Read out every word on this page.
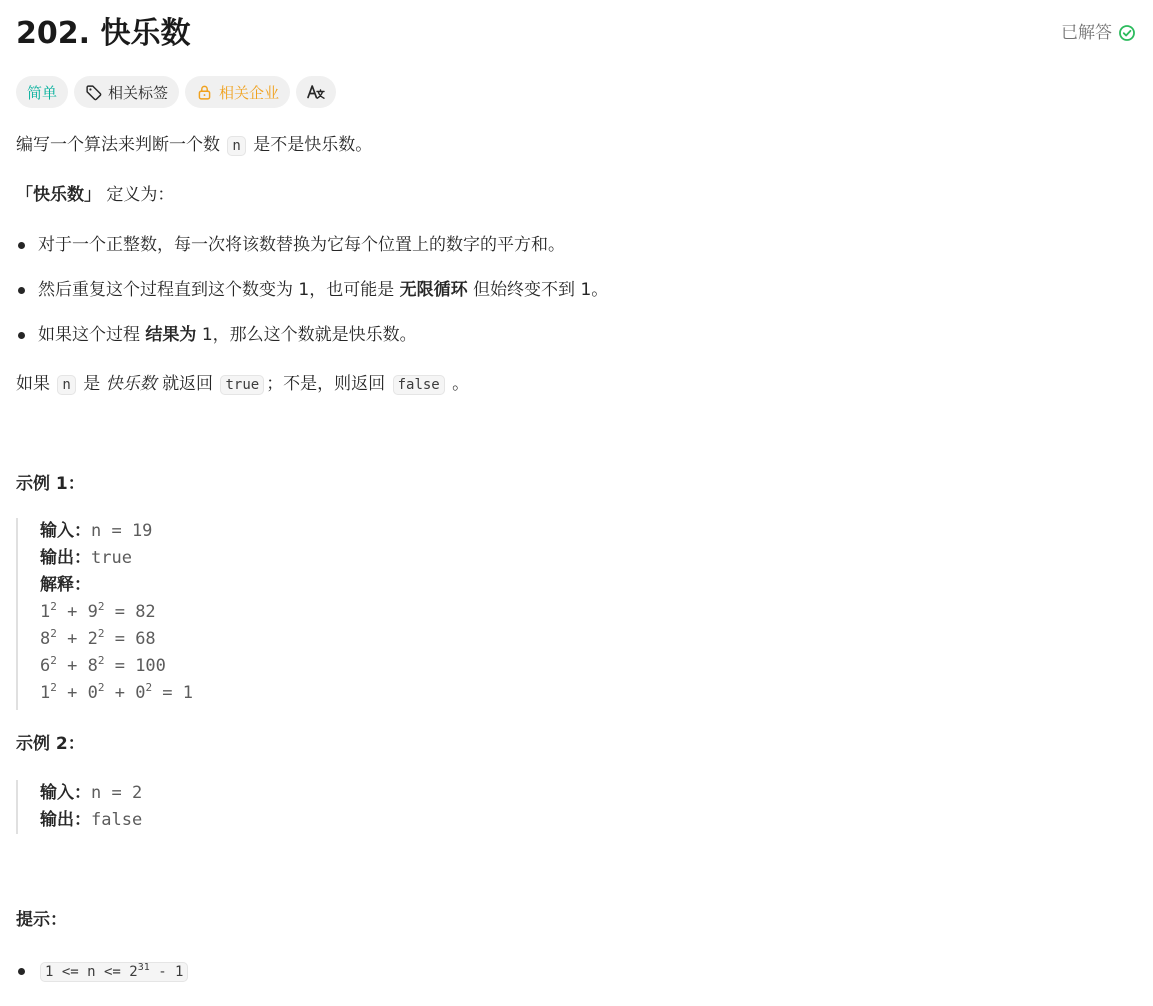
202. 快乐数	已解答
简单	相关标签	相关企业

编写一个算法来判断一个数 n 是不是快乐数。

「快乐数」 定义为：

对于一个正整数，每一次将该数替换为它每个位置上的数字的平方和。
然后重复这个过程直到这个数变为 1，也可能是 无限循环 但始终变不到 1。
如果这个过程 结果为 1，那么这个数就是快乐数。

如果 n 是 快乐数 就返回 true ；不是，则返回 false 。

示例 1：
输入：n = 19
输出：true
解释：
$1^2 + 9^2 = 82$
$8^2 + 2^2 = 68$
$6^2 + 8^2 = 100$
$1^2 + 0^2 + 0^2 = 1$
示例 2：
输入：n = 2
输出：false
提示：
$1 <= n <= 2^{31} - 1$
